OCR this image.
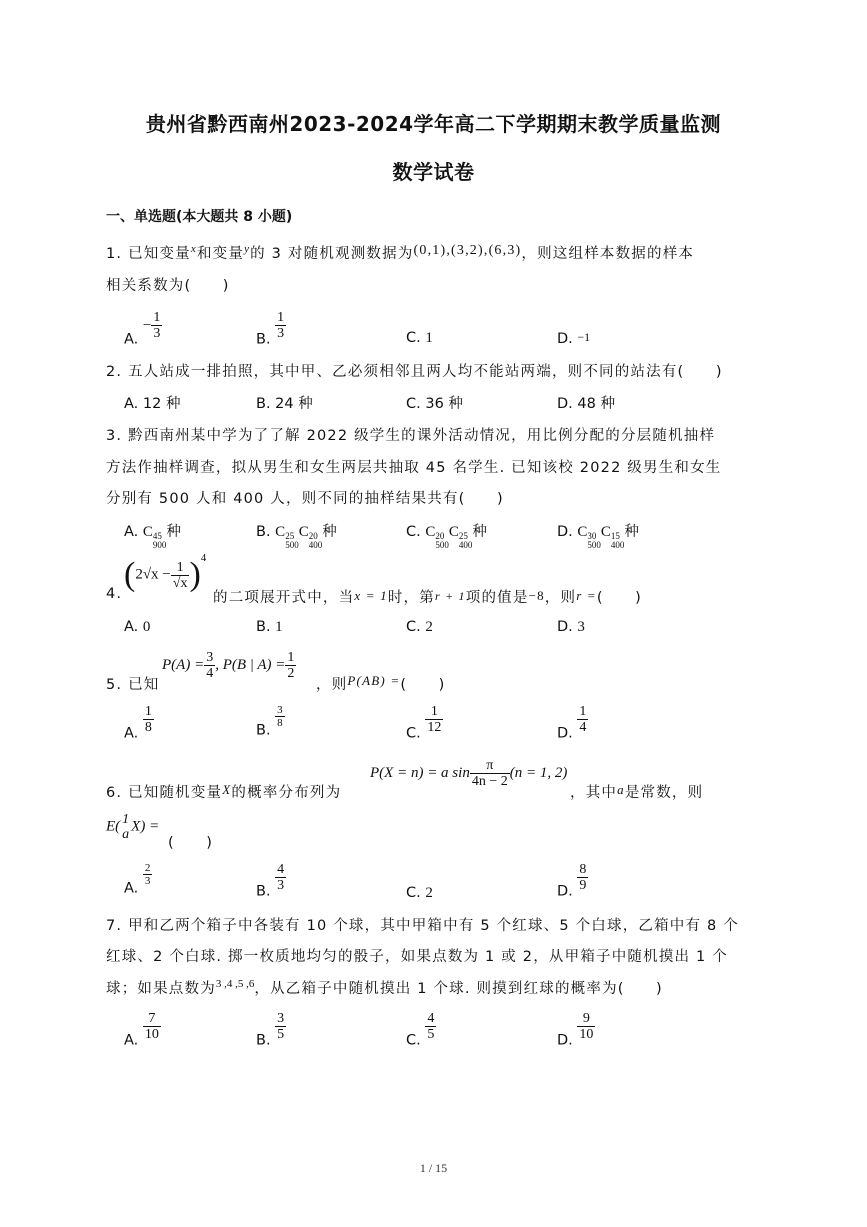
贵州省黔西南州2023-2024学年高二下学期期末教学质量监测
数学试卷
一、单选题(本大题共 8 小题)
1. 已知变量$^x$和变量$^y$的 3 对随机观测数据为(0,1),(3,2),(6,3)，则这组样本数据的样本
相关系数为(　　)
A. − $\frac{1}{3}$	B. $\frac{1}{3}$	C. 1	D. −1
2. 五人站成一排拍照，其中甲、乙必须相邻且两人均不能站两端，则不同的站法有(　　)
A. 12 种	B. 24 种	C. 36 种	D. 48 种
3. 黔西南州某中学为了了解 2022 级学生的课外活动情况，用比例分配的分层随机抽样
方法作抽样调查，拟从男生和女生两层共抽取 45 名学生. 已知该校 2022 级男生和女生
分别有 500 人和 400 人，则不同的抽样结果共有(　　)
A. C 45
900
种	B. C 25
500
C 20
400
种	C. C 20
500
C 25
400
种	D. C 30
500
C 15
400
种
4.
$(2√x - \frac{1}{√x} )^4$
的二项展开式中，当x = 1时，第r + 1项的值是−8，则r =(　　)
A. 0	B. 1	C. 2	D. 3
5. 已知
$P(A) = \frac{3}{4}$ , P(B | $A) = \frac{1}{2}$
，则P(AB) =(　　)
A. $\frac{1}{8}$	B.
$\frac{3}{8}$
C. $\frac{1}{12}$	D. $\frac{1}{4}$
6. 已知随机变量X的概率分布列为
P(X = n) = a $\sin \frac{\pi}{4n - 2} (n = 1$, 2)
，其中a是常数，则
E( 1
a X) =
(　　)
A.
$\frac{2}{3}$
B. $\frac{4}{3}$	C. 2	D. $\frac{8}{9}$
7. 甲和乙两个箱子中各装有 10 个球，其中甲箱中有 5 个红球、5 个白球，乙箱中有 8 个
红球、2 个白球. 掷一枚质地均匀的骰子，如果点数为 1 或 2，从甲箱子中随机摸出 1 个
球；如果点数为$^{3 ,4 ,5 ,6}$，从乙箱子中随机摸出 1 个球. 则摸到红球的概率为(　　)
A. $\frac{7}{10}$	B. $\frac{3}{5}$	C. $\frac{4}{5}$	D. $\frac{9}{10}$
1 / 15
